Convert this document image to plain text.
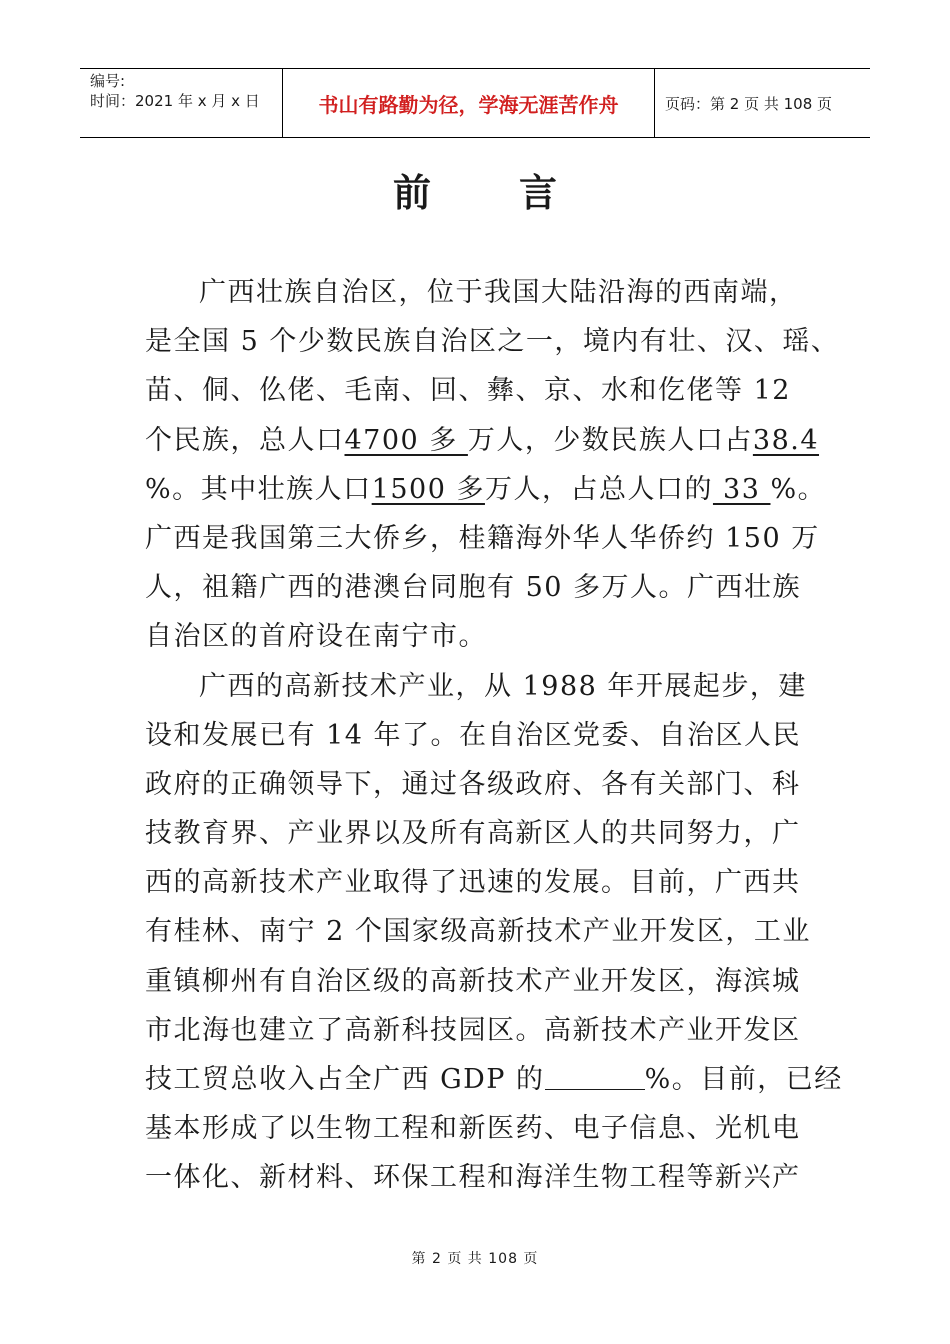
编号:
时间：2021 年 x 月 x 日	书山有路勤为径，学海无涯苦作舟	页码：第 2 页 共 108 页
前 言
广西壮族自治区，位于我国大陆沿海的西南端，
是全国 5 个少数民族自治区之一，境内有壮、汉、瑶、
苗、侗、仫佬、毛南、回、彝、京、水和仡佬等 12
个民族，总人口4700 多 万人，少数民族人口占38.4
%。其中壮族人口1500 多万人，占总人口的 33 %。
广西是我国第三大侨乡，桂籍海外华人华侨约 150 万
人，祖籍广西的港澳台同胞有 50 多万人。广西壮族
自治区的首府设在南宁市。
广西的高新技术产业，从 1988 年开展起步，建
设和发展已有 14 年了。在自治区党委、自治区人民
政府的正确领导下，通过各级政府、各有关部门、科
技教育界、产业界以及所有高新区人的共同努力，广
西的高新技术产业取得了迅速的发展。目前，广西共
有桂林、南宁 2 个国家级高新技术产业开发区，工业
重镇柳州有自治区级的高新技术产业开发区，海滨城
市北海也建立了高新科技园区。高新技术产业开发区
技工贸总收入占全广西 GDP 的	%。目前，已经
基本形成了以生物工程和新医药、电子信息、光机电
一体化、新材料、环保工程和海洋生物工程等新兴产
第 2 页 共 108 页
